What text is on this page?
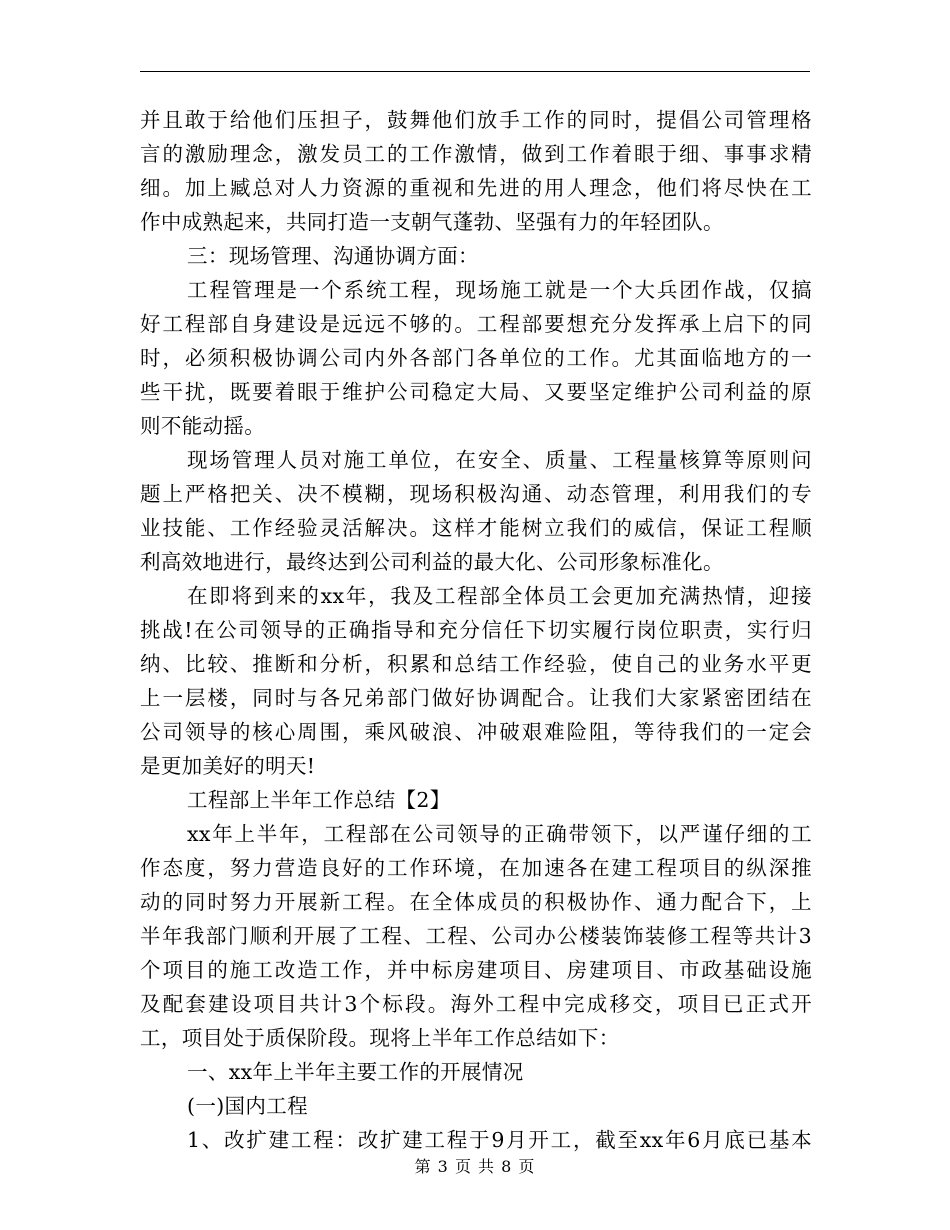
并且敢于给他们压担子，鼓舞他们放手工作的同时，提倡公司管理格
言的激励理念，激发员工的工作激情，做到工作着眼于细、事事求精
细。加上臧总对人力资源的重视和先进的用人理念，他们将尽快在工
作中成熟起来，共同打造一支朝气蓬勃、坚强有力的年轻团队。
三：现场管理、沟通协调方面：
工程管理是一个系统工程，现场施工就是一个大兵团作战，仅搞
好工程部自身建设是远远不够的。工程部要想充分发挥承上启下的同
时，必须积极协调公司内外各部门各单位的工作。尤其面临地方的一
些干扰，既要着眼于维护公司稳定大局、又要坚定维护公司利益的原
则不能动摇。
现场管理人员对施工单位，在安全、质量、工程量核算等原则问
题上严格把关、决不模糊，现场积极沟通、动态管理，利用我们的专
业技能、工作经验灵活解决。这样才能树立我们的威信，保证工程顺
利高效地进行，最终达到公司利益的最大化、公司形象标准化。
在即将到来的xx年，我及工程部全体员工会更加充满热情，迎接
挑战!在公司领导的正确指导和充分信任下切实履行岗位职责，实行归
纳、比较、推断和分析，积累和总结工作经验，使自己的业务水平更
上一层楼，同时与各兄弟部门做好协调配合。让我们大家紧密团结在
公司领导的核心周围，乘风破浪、冲破艰难险阻，等待我们的一定会
是更加美好的明天!
工程部上半年工作总结【2】
xx年上半年，工程部在公司领导的正确带领下，以严谨仔细的工
作态度，努力营造良好的工作环境，在加速各在建工程项目的纵深推
动的同时努力开展新工程。在全体成员的积极协作、通力配合下，上
半年我部门顺利开展了工程、工程、公司办公楼装饰装修工程等共计3
个项目的施工改造工作，并中标房建项目、房建项目、市政基础设施
及配套建设项目共计3个标段。海外工程中完成移交，项目已正式开
工，项目处于质保阶段。现将上半年工作总结如下：
一、xx年上半年主要工作的开展情况
(一)国内工程
1、改扩建工程：改扩建工程于9月开工，截至xx年6月底已基本
第 3 页 共 8 页
